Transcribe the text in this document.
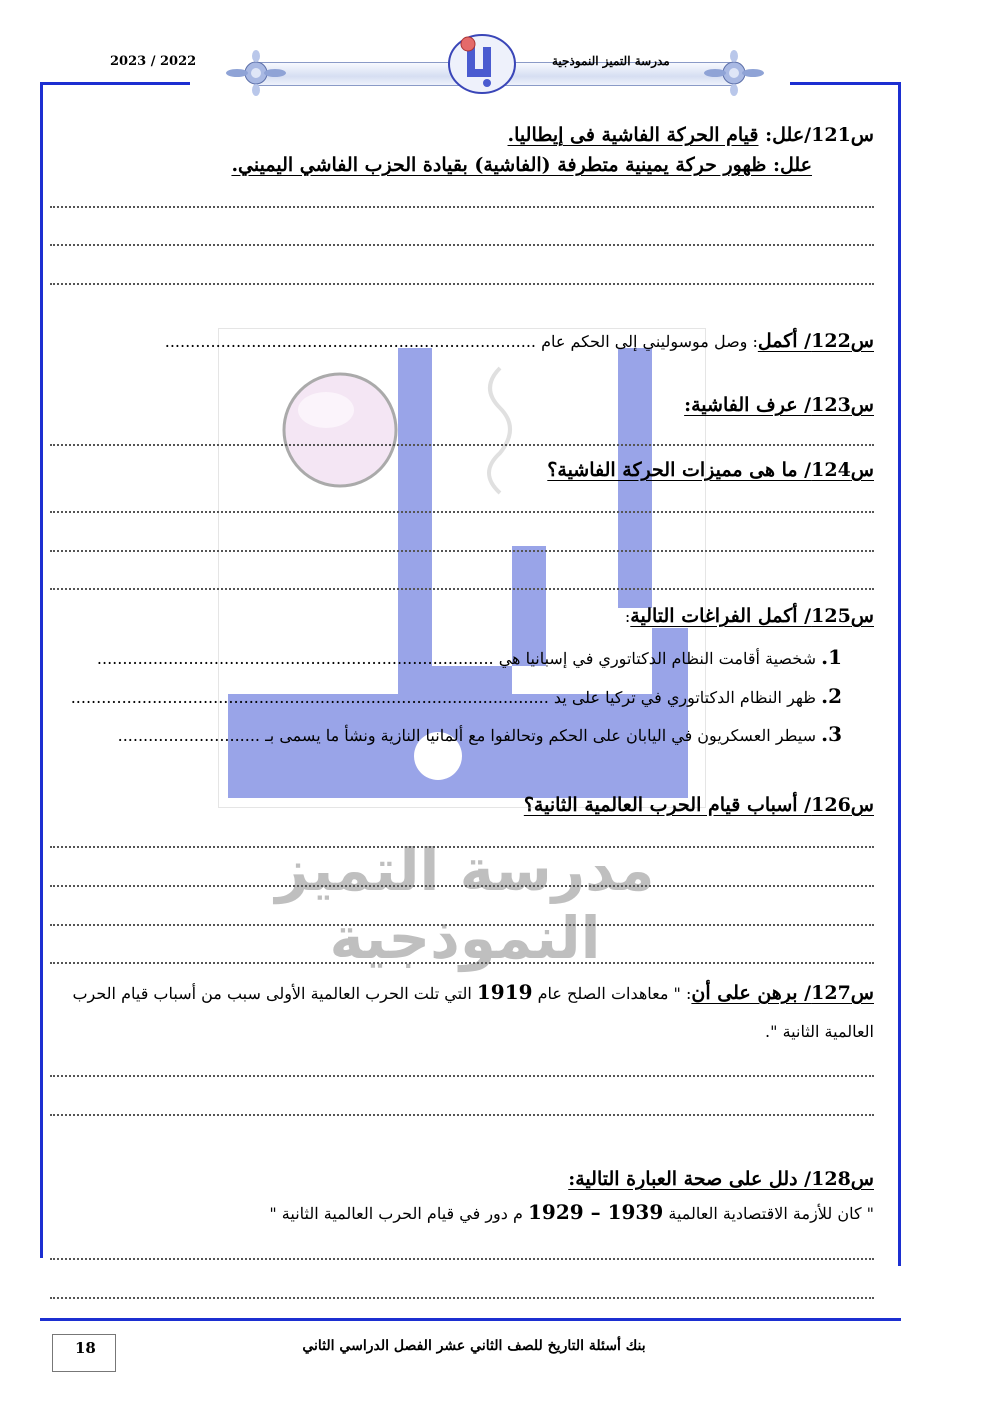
2023 / 2022	مدرسة التميز النموذجية
مدرسة التميز النموذجية
س121/علل: قيام الحركة الفاشية فى إيطاليا.
علل: ظهور حركة يمينية متطرفة (الفاشية) بقيادة الحزب الفاشي اليميني.
س122/ أكمل: وصل موسوليني إلى الحكم عام .........................................................................
س123/ عرف الفاشية:
س124/ ما هى مميزات الحركة الفاشية؟
س125/ أكمل الفراغات التالية:
1. شخصية أقامت النظام الدكتاتوري في إسبانيا هي ..............................................................................
2. ظهر النظام الدكتاتوري في تركيا على يد ..............................................................................................
3. سيطر العسكريون في اليابان على الحكم وتحالفوا مع ألمانيا النازية ونشأ ما يسمى بـ ............................
س126/ أسباب قيام الحرب العالمية الثانية؟
س127/ برهن على أن: " معاهدات الصلح عام 1919 التي تلت الحرب العالمية الأولى سبب من أسباب قيام الحرب
العالمية الثانية ".
س128/ دلل على صحة العبارة التالية:
" كان للأزمة الاقتصادية العالمية 1929 – 1939 م دور في قيام الحرب العالمية الثانية "
بنك أسئلة التاريخ للصف الثاني عشر الفصل الدراسي الثاني
18
